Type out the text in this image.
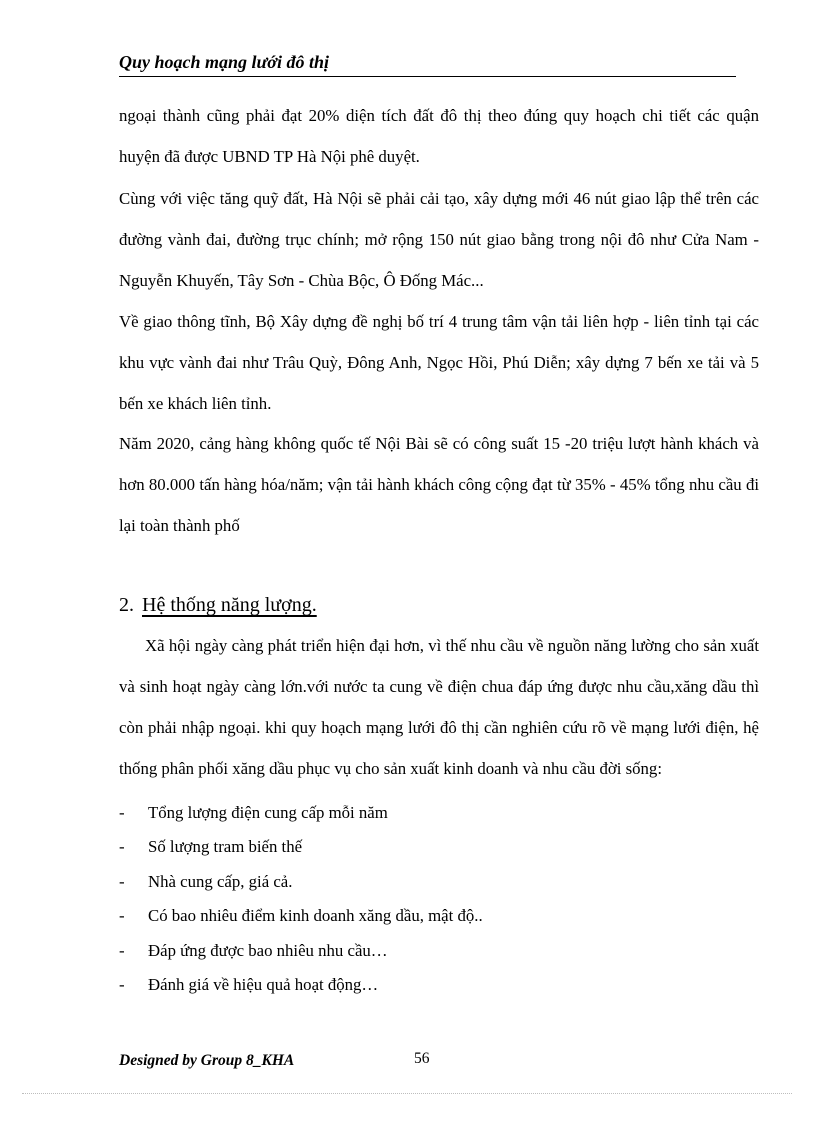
Quy hoạch mạng lưới đô thị
ngoại thành cũng phải đạt 20% diện tích đất đô thị theo đúng quy hoạch chi tiết các quận huyện đã được UBND TP Hà Nội phê duyệt.
Cùng với việc tăng quỹ đất, Hà Nội sẽ phải cải tạo, xây dựng mới 46 nút giao lập thể trên các đường vành đai, đường trục chính; mở rộng 150 nút giao bằng trong nội đô như Cửa Nam - Nguyễn Khuyến, Tây Sơn - Chùa Bộc, Ô Đống Mác...
Về giao thông tĩnh, Bộ Xây dựng đề nghị bố trí 4 trung tâm vận tải liên hợp - liên tỉnh tại các khu vực vành đai như Trâu Quỳ, Đông Anh, Ngọc Hồi, Phú Diễn; xây dựng 7 bến xe tải và 5 bến xe khách liên tỉnh.
Năm 2020, cảng hàng không quốc tế Nội Bài sẽ có công suất 15 -20 triệu lượt hành khách và hơn 80.000 tấn hàng hóa/năm; vận tải hành khách công cộng đạt từ 35% - 45% tổng nhu cầu đi lại toàn thành phố
2. Hệ thống năng lượng.
Xã hội ngày càng phát triển hiện đại hơn, vì thế nhu cầu về nguồn năng lường cho sản xuất và sinh hoạt ngày càng lớn.với nước ta cung về điện chua đáp ứng được nhu cầu,xăng dầu thì còn phải nhập ngoại. khi quy hoạch mạng lưới đô thị cần nghiên cứu rõ về mạng lưới điện, hệ thống phân phối xăng dầu phục vụ cho sản xuất kinh doanh và nhu cầu đời sống:
- Tổng lượng điện cung cấp mỗi năm
- Số lượng tram biến thế
- Nhà cung cấp, giá cả.
- Có bao nhiêu điểm kinh doanh xăng dầu, mật độ..
- Đáp ứng được bao nhiêu nhu cầu…
- Đánh giá về hiệu quả hoạt động…
Designed by Group 8_KHA	56
